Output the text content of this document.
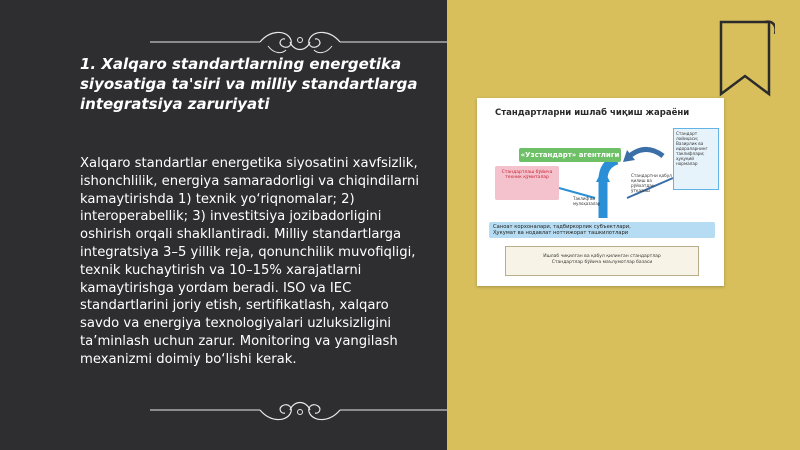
1. Xalqaro standartlarning energetika siyosatiga ta'siri va milliy standartlarga integratsiya zaruriyati

Xalqaro standartlar energetika siyosatini xavfsizlik, ishonchlilik, energiya samaradorligi va chiqindilarni kamaytirishda 1) texnik yo‘riqnomalar; 2) interoperabellik; 3) investitsiya jozibadorligini oshirish orqali shakllantiradi. Milliy standartlarga integratsiya 3–5 yillik reja, qonunchilik muvofiqligi, texnik kuchaytirish va 10–15% xarajatlarni kamaytirishga yordam beradi. ISO va IEC standartlarini joriy etish, sertifikatlash, xalqaro savdo va energiya texnologiyalari uzluksizligini ta’minlash uchun zarur. Monitoring va yangilash mexanizmi doimiy bo‘lishi kerak.

Стандартларни ишлаб чиқиш жараёни
«Узстандарт» агентлиги
Стандартлаш бўйича техник қўмиталар
Стандарт лойиҳаси; Вазирлик ва идораларнинг таклифлари; ҳуқуқий нормалар
Стандартни қабул қилиш ва рўйхатдан ўтказиш
Таклиф ва мулоҳазалар
Саноат корхоналари, тадбиркорлик субъектлари,
Ҳукумат ва нодавлат ноттижорат ташкилотлари
Ишлаб чиқилган ва қабул қилинган стандартлар
Стандартлар бўйича маълумотлар базаси
